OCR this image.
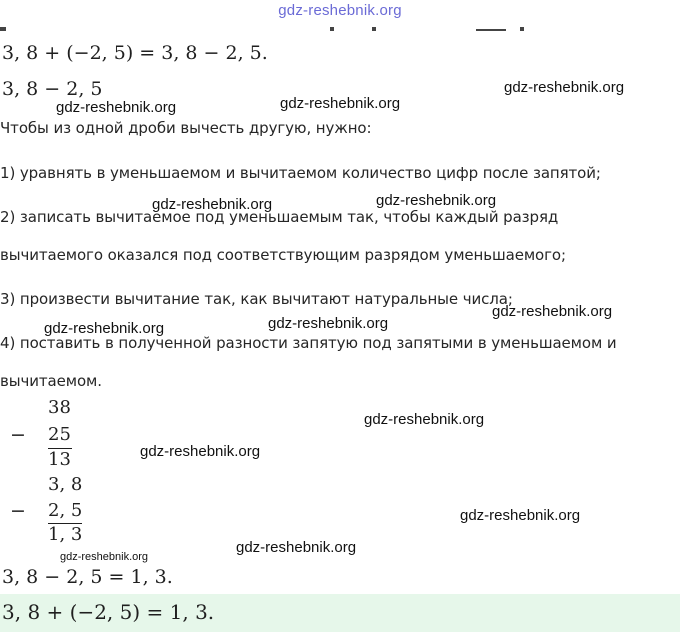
gdz-reshebnik.org
3, 8 + (−2, 5) = 3, 8 − 2, 5.
3, 8 − 2, 5
Чтобы из одной дроби вычесть другую, нужно:
1) уравнять в уменьшаемом и вычитаемом количество цифр после запятой;
2) записать вычитаемое под уменьшаемым так, чтобы каждый разряд
вычитаемого оказался под соответствующим разрядом уменьшаемого;
3) произвести вычитание так, как вычитают натуральные числа;
4) поставить в полученной разности запятую под запятыми в уменьшаемом и
вычитаемом.
38
− 25
13
3, 8
− 2, 5
1, 3
3, 8 − 2, 5 = 1, 3.
3, 8 + (−2, 5) = 1, 3.
gdz-reshebnik.org	gdz-reshebnik.org
gdz-reshebnik.org
gdz-reshebnik.org	gdz-reshebnik.org
gdz-reshebnik.org	gdz-reshebnik.org
gdz-reshebnik.org
gdz-reshebnik.org
gdz-reshebnik.org
gdz-reshebnik.org
gdz-reshebnik.org
gdz-reshebnik.org
